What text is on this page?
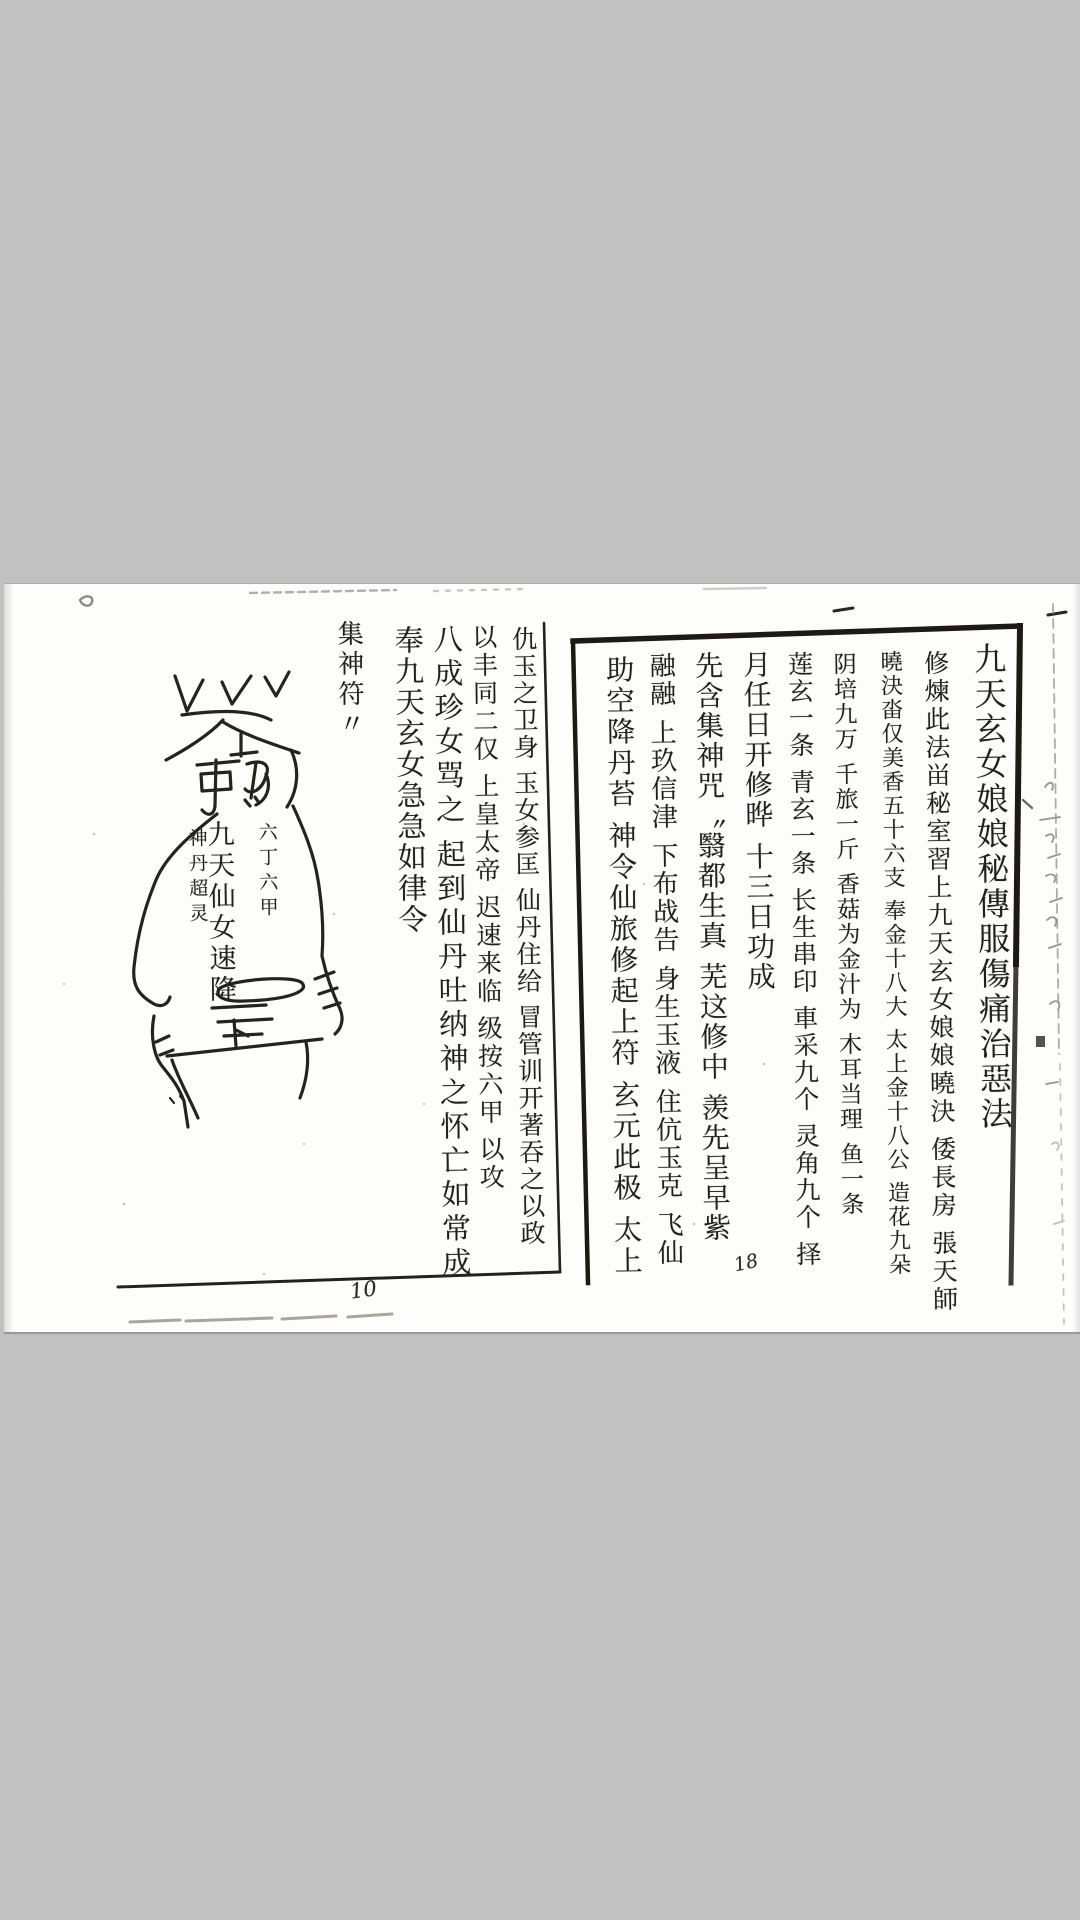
九天玄女娘娘秘傳服傷痛治惡法
修煉此法畄秘室習上九天玄女娘娘曉決倭長房張天師
曉決畓仅美香五十六支奉金十八大太上金十八公造花九朵
阴培九万千旅一斤香菇为金汁为木耳当理鱼一条
莲玄一条青玄一条长生串印車采九个灵角九个择
月任日开修晔十三日功成
先含集神咒〝翳都生真芜这修中羡先呈早紫
融融上玖信津下布战告身生玉液住伉玉克飞仙
助空降丹苔神令仙旅修起上符玄元此极太上
仇玉之卫身玉女参匡仙丹住给冒管训开著吞之以政
以丰同二仅上皇太帝迟速来临级按六甲以攻
八成珍女骂之起到仙丹吐纳神之怀亡如常成
奉九天玄女急急如律令
集神符〃
九天仙女速降 六丁六甲
神丹超灵
10
18
